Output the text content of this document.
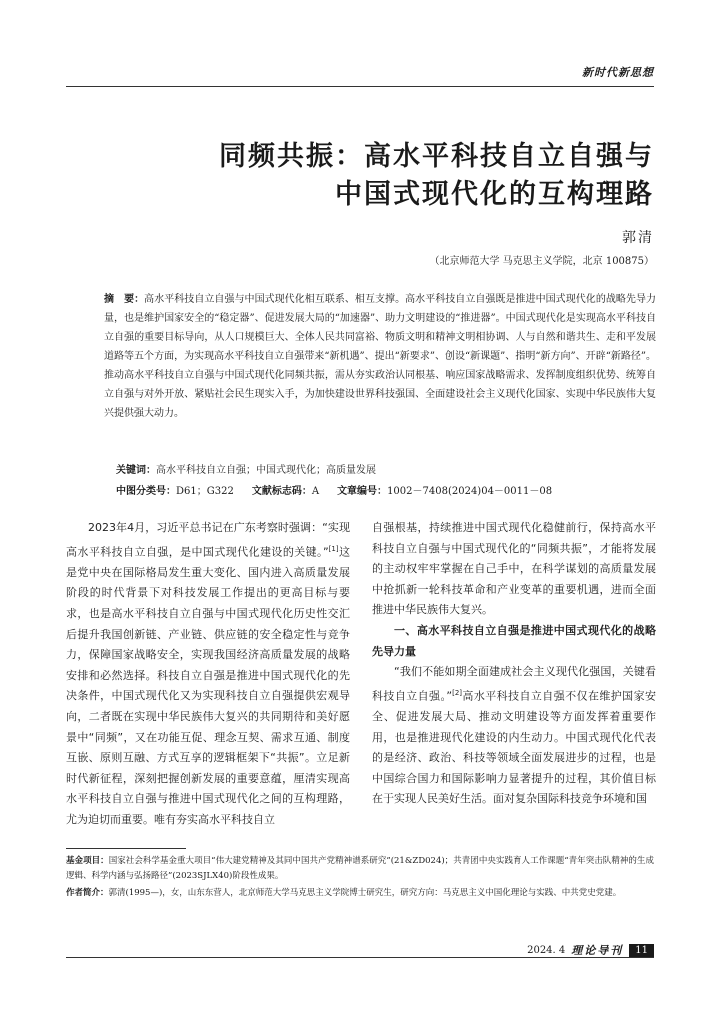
新时代新思想
同频共振：高水平科技自立自强与
中国式现代化的互构理路
郭清
（北京师范大学 马克思主义学院，北京 100875）
摘　要：高水平科技自立自强与中国式现代化相互联系、相互支撑。高水平科技自立自强既是推进中国式现代化的战略先导力量，也是维护国家安全的“稳定器”、促进发展大局的“加速器”、助力文明建设的“推进器”。中国式现代化是实现高水平科技自立自强的重要目标导向，从人口规模巨大、全体人民共同富裕、物质文明和精神文明相协调、人与自然和谐共生、走和平发展道路等五个方面，为实现高水平科技自立自强带来“新机遇”、提出“新要求”、创设“新课题”、指明“新方向”、开辟“新路径”。推动高水平科技自立自强与中国式现代化同频共振，需从夯实政治认同根基、响应国家战略需求、发挥制度组织优势、统筹自立自强与对外开放、紧贴社会民生现实入手，为加快建设世界科技强国、全面建设社会主义现代化国家、实现中华民族伟大复兴提供强大动力。
关键词：高水平科技自立自强；中国式现代化；高质量发展
中图分类号：D61；G322 文献标志码：A 文章编号：1002－7408(2024)04－0011－08

2023年4月，习近平总书记在广东考察时强调：“实现高水平科技自立自强，是中国式现代化建设的关键。”[1]这是党中央在国际格局发生重大变化、国内进入高质量发展阶段的时代背景下对科技发展工作提出的更高目标与要求，也是高水平科技自立自强与中国式现代化历史性交汇后提升我国创新链、产业链、供应链的安全稳定性与竞争力，保障国家战略安全，实现我国经济高质量发展的战略安排和必然选择。科技自立自强是推进中国式现代化的先决条件，中国式现代化又为实现科技自立自强提供宏观导向，二者既在实现中华民族伟大复兴的共同期待和美好愿景中“同频”，又在功能互促、理念互契、需求互通、制度互嵌、原则互融、方式互享的逻辑框架下“共振”。立足新时代新征程，深刻把握创新发展的重要意蕴，厘清实现高水平科技自立自强与推进中国式现代化之间的互构理路，尤为迫切而重要。唯有夯实高水平科技自立

自强根基，持续推进中国式现代化稳健前行，保持高水平科技自立自强与中国式现代化的“同频共振”，才能将发展的主动权牢牢掌握在自己手中，在科学谋划的高质量发展中抢抓新一轮科技革命和产业变革的重要机遇，进而全面推进中华民族伟大复兴。

一、高水平科技自立自强是推进中国式现代化的战略先导力量

“我们不能如期全面建成社会主义现代化强国，关键看科技自立自强。”[2]高水平科技自立自强不仅在维护国家安全、促进发展大局、推动文明建设等方面发挥着重要作用，也是推进现代化建设的内生动力。中国式现代化代表的是经济、政治、科技等领域全面发展进步的过程，也是中国综合国力和国际影响力显著提升的过程，其价值目标在于实现人民美好生活。面对复杂国际科技竞争环境和国

基金项目：国家社会科学基金重大项目“伟大建党精神及其同中国共产党精神谱系研究”(21&ZD024)；共青团中央实践育人工作课题“青年突击队精神的生成逻辑、科学内涵与弘扬路径”(2023SJLX40)阶段性成果。
作者简介：郭清(1995—)，女，山东东营人，北京师范大学马克思主义学院博士研究生，研究方向：马克思主义中国化理论与实践、中共党史党建。
2024. 4 理论导刊	11
